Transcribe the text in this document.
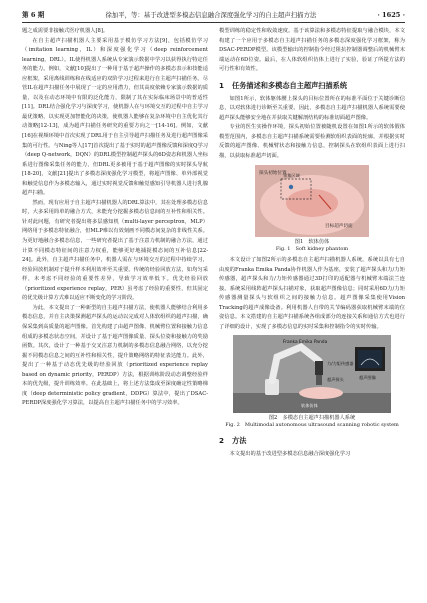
第 6 期	徐加平，等：基于改进型多模态信息融合深度强化学习的自主超声扫描方法	· 1625 ·

题之成需要非接触式医疗机器人[8]。

在自主超声扫描机器人主要采用基于模仿学习方法[9]，包括模仿学习（imitation learning，IL）和深度强化学习（deep reinforcement learning，DRL）。IL使得机器人系统从专家演示数据中学习以获得执行特定任务的能力。例如，文献[10]提出了一种用于基于超声操作的多模态表示和技能适应框架，采用离线训练和在线适应的双阶学习过程来进行自主超声扫描任务。尽管IL在超声扫描任务中展现了一定的应用潜力，但其高度依赖专家演示数据的质量，以及在动态环境中有限的泛化能力，限制了其在实际临床场景中的普适性[11]。DRL结合强化学习与深度学习，使机器人在与环境交互的过程中自主学习最优策略，以实现更加智能化的决策，使机器人能够在复杂环境中自主优化其行动策略[12-13]，成为超声扫描任务研究的重要方向之一[14-16]。例如，文献[16]在视频环境中首次实现了DRL用于自主引导超声扫描任务及进行超声图像采集的可行性。与Ning等人[17]首次提出了基于实时的超声图像反馈和深度Q学习（deep Q-network，DQN）的DRL模型控制超声探头的6D姿态和机器人坐标系进行图像采集任务的能力，但DRL更多被用于基于超声图像的实时探头导航[18-20]，文献[21]提出了多模态深度强化学习模型，将超声图像、单外部视觉和触觉信息作为多模态输入，通过实时视觉反馈和触觉感知引导机器人进行乳腺超声扫描。

然而，现有应用于自主超声扫描机器人的DRL算法中，其在处理多模态信息时，大多采用简单的融合方式，未能充分挖掘多模态信息间的互补性和相关性。针对此问题，有研究者提出将多层感知机（multi-layer perceptron，MLP）网络用于多模态特征融合，但MLP难以有效刻画不同模态间复杂的非线性关系。为更好地融合多模态信息，一些研究者提出了基于注意力机制的融合方法，通过计算不同模态特征间的注意力权重，能够更好地捕捉模态间的互补信息[22-24]。此外，自主超声扫描任务中，机器人需在与环境交互的过程中持续学习，经验回放机制对于提升样本利用效率至关重要。传统的经验回放方法，如均匀采样，未考虑不同经验的重要性差异，导致学习效率低下。优先经验回放（prioritized experience replay，PER）虽考虑了经验的重要性，但其固定的优先级计算方式难以适应不断变化的学习阶段。

为此，本文提出了一种新型的自主超声扫描方法，使机器人能够结合利用多模态信息，并自主决策探测超声探头的运动以完成对人体软组织的超声扫描，确保采集到高质量的超声图像。首先构建了由超声图像、机械臂位置和接触力信息组成的多模态状态空间，并设计了基于超声图像质量、探头位姿和接触力的奖励函数。其次，设计了一种基于交叉注意力机制的多模态信息融合网络，以充分挖掘不同模态信息之间的互补性和相关性，提升策略网络的特征表达能力。此外，提出了一种基于动态优先级的经验回放（prioritized experience replay based on dynamic priority，PERDP）方法，根据训练阶段动态调整经验样本的优先级，提升训练效率。在此基础上，将上述方法集成至深度确定性策略梯度（deep deterministic policy gradient，DDPG）算法中，提出了DSAC-PERDP深度强化学习算法，以提高自主超声扫描任务中的学习效率。

模型训练的稳定性和收敛速度。基于该算法和多模态特征提取与融合模块，本文构建了一个应用于多模态自主超声扫描任务的多模态深度强化学习框架，称为DSAC-PERDP模型。该模型输出的控制指令经过阻抗控制器调整后的机械臂末端运动在6D位姿。最后，在人体软组织仿体上进行了实验，验证了所提方法的可行性和有效性。

1 任务描述和多模态自主超声扫描系统

如图1所示，软体躯体腰上探头的目标位置所在的标准平面位于关键诊断信息，以对软体进行诊断至关重要。因此，多模态自主超声扫描机器人系统需要使超声探头能够安全地在并获取关键解剖结构的标准切面超声图像。

专业的医生实操作环境，探头初始位置被随机设置在如图1所示的软体假体模型范围内，多模态自主超声扫描系统需要检测软组织表面的轮廓，并根据实时反馈的超声图像、机械臂状态和接触力信息，控制探头在软组织表面上进行扫描，以获取标准超声切面。

探头初始位置
目标超声切面
采集区域
图1　软体仿体
Fig. 1　Soft kidney phantom

本文设计了如图2所示的多模态自主超声扫描机器人系统。系统以具有七自由度的Franka Emika Panda协作机器人作为基座，安装了超声探头和力/力矩传感器，超声探头和力/力矩传感器通过3D打印的适配器与机械臂末端法兰连接。系统采用线阵超声探头扫描对象，获取超声图像信息；同时采用6D力/力矩传感器测量探头与软组织之间的接触力信息。超声图像采集使用Vision Tracking的超声成像设备。利用机器人自带的关节编码器获取机械臂末端的位姿信息。本文搭建的自主超声扫描系统各组成部分的连接关系和通信方式也进行了详细的设计，实现了多模态信息的实时采集和控制指令的实时传输。

Franka Emika Panda
超声探头
力/力矩传感器
软体仿体
超声图像
图2　多模态自主超声扫描机器人系统
Fig. 2　Multimodal autonomous ultrasound scanning robotic system
2 方法

本文提出的基于改进型多模态信息融合深度强化学习
